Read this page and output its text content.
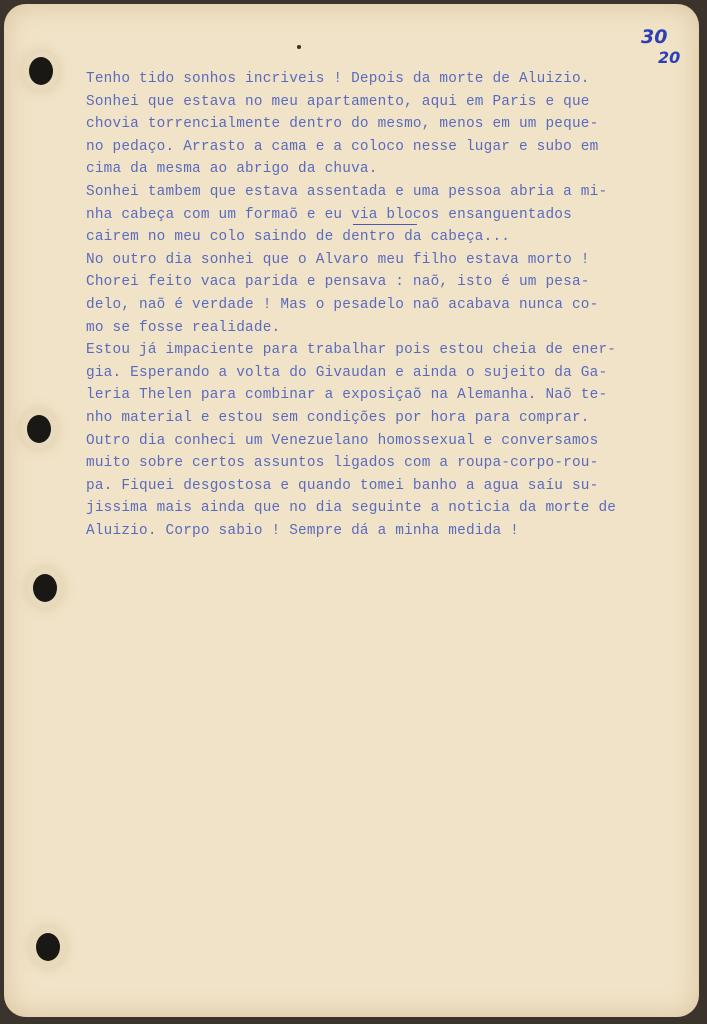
30

20

Tenho tido sonhos incriveis ! Depois da morte de Aluizio.
Sonhei que estava no meu apartamento, aqui em Paris e que
chovia torrencialmente dentro do mesmo, menos em um peque-
no pedaço. Arrasto a cama e a coloco nesse lugar e subo em
cima da mesma ao abrigo da chuva.
Sonhei tambem que estava assentada e uma pessoa abria a mi-
nha cabeça com um formaõ e eu via blocos ensanguentados
cairem no meu colo saindo de dentro da cabeça...
No outro dia sonhei que o Alvaro meu filho estava morto !
Chorei feito vaca parida e pensava : naõ, isto é um pesa-
delo, naõ é verdade ! Mas o pesadelo naõ acabava nunca co-
mo se fosse realidade.
Estou já impaciente para trabalhar pois estou cheia de ener-
gia. Esperando a volta do Givaudan e ainda o sujeito da Ga-
leria Thelen para combinar a exposiçaõ na Alemanha. Naõ te-
nho material e estou sem condições por hora para comprar.
Outro dia conheci um Venezuelano homossexual e conversamos
muito sobre certos assuntos ligados com a roupa-corpo-rou-
pa. Fiquei desgostosa e quando tomei banho a agua saíu su-
jissima mais ainda que no dia seguinte a noticia da morte de
Aluizio. Corpo sabio ! Sempre dá a minha medida !
